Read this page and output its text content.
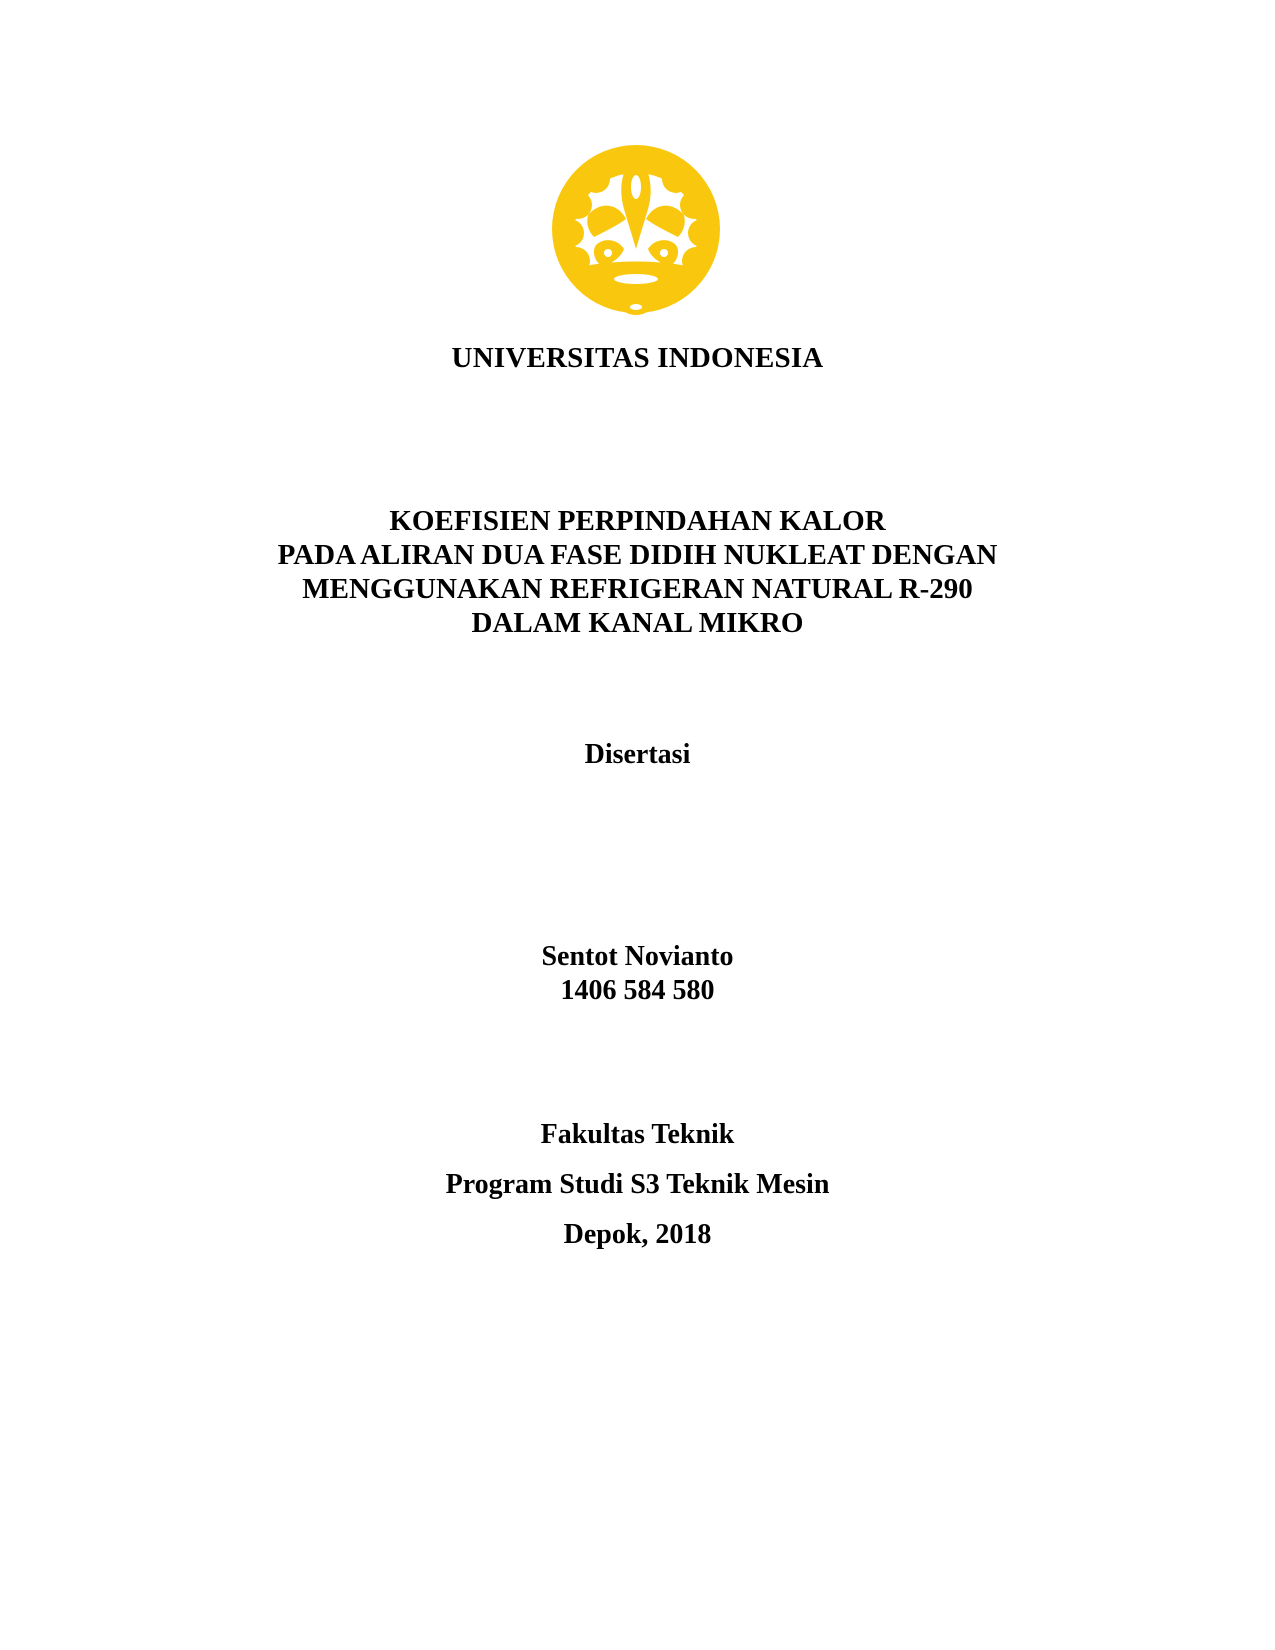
UNIVERSITAS INDONESIA
KOEFISIEN PERPINDAHAN KALOR
PADA ALIRAN DUA FASE DIDIH NUKLEAT DENGAN
MENGGUNAKAN REFRIGERAN NATURAL R-290
DALAM KANAL MIKRO
Disertasi
Sentot Novianto
1406 584 580
Fakultas Teknik
Program Studi S3 Teknik Mesin
Depok, 2018
